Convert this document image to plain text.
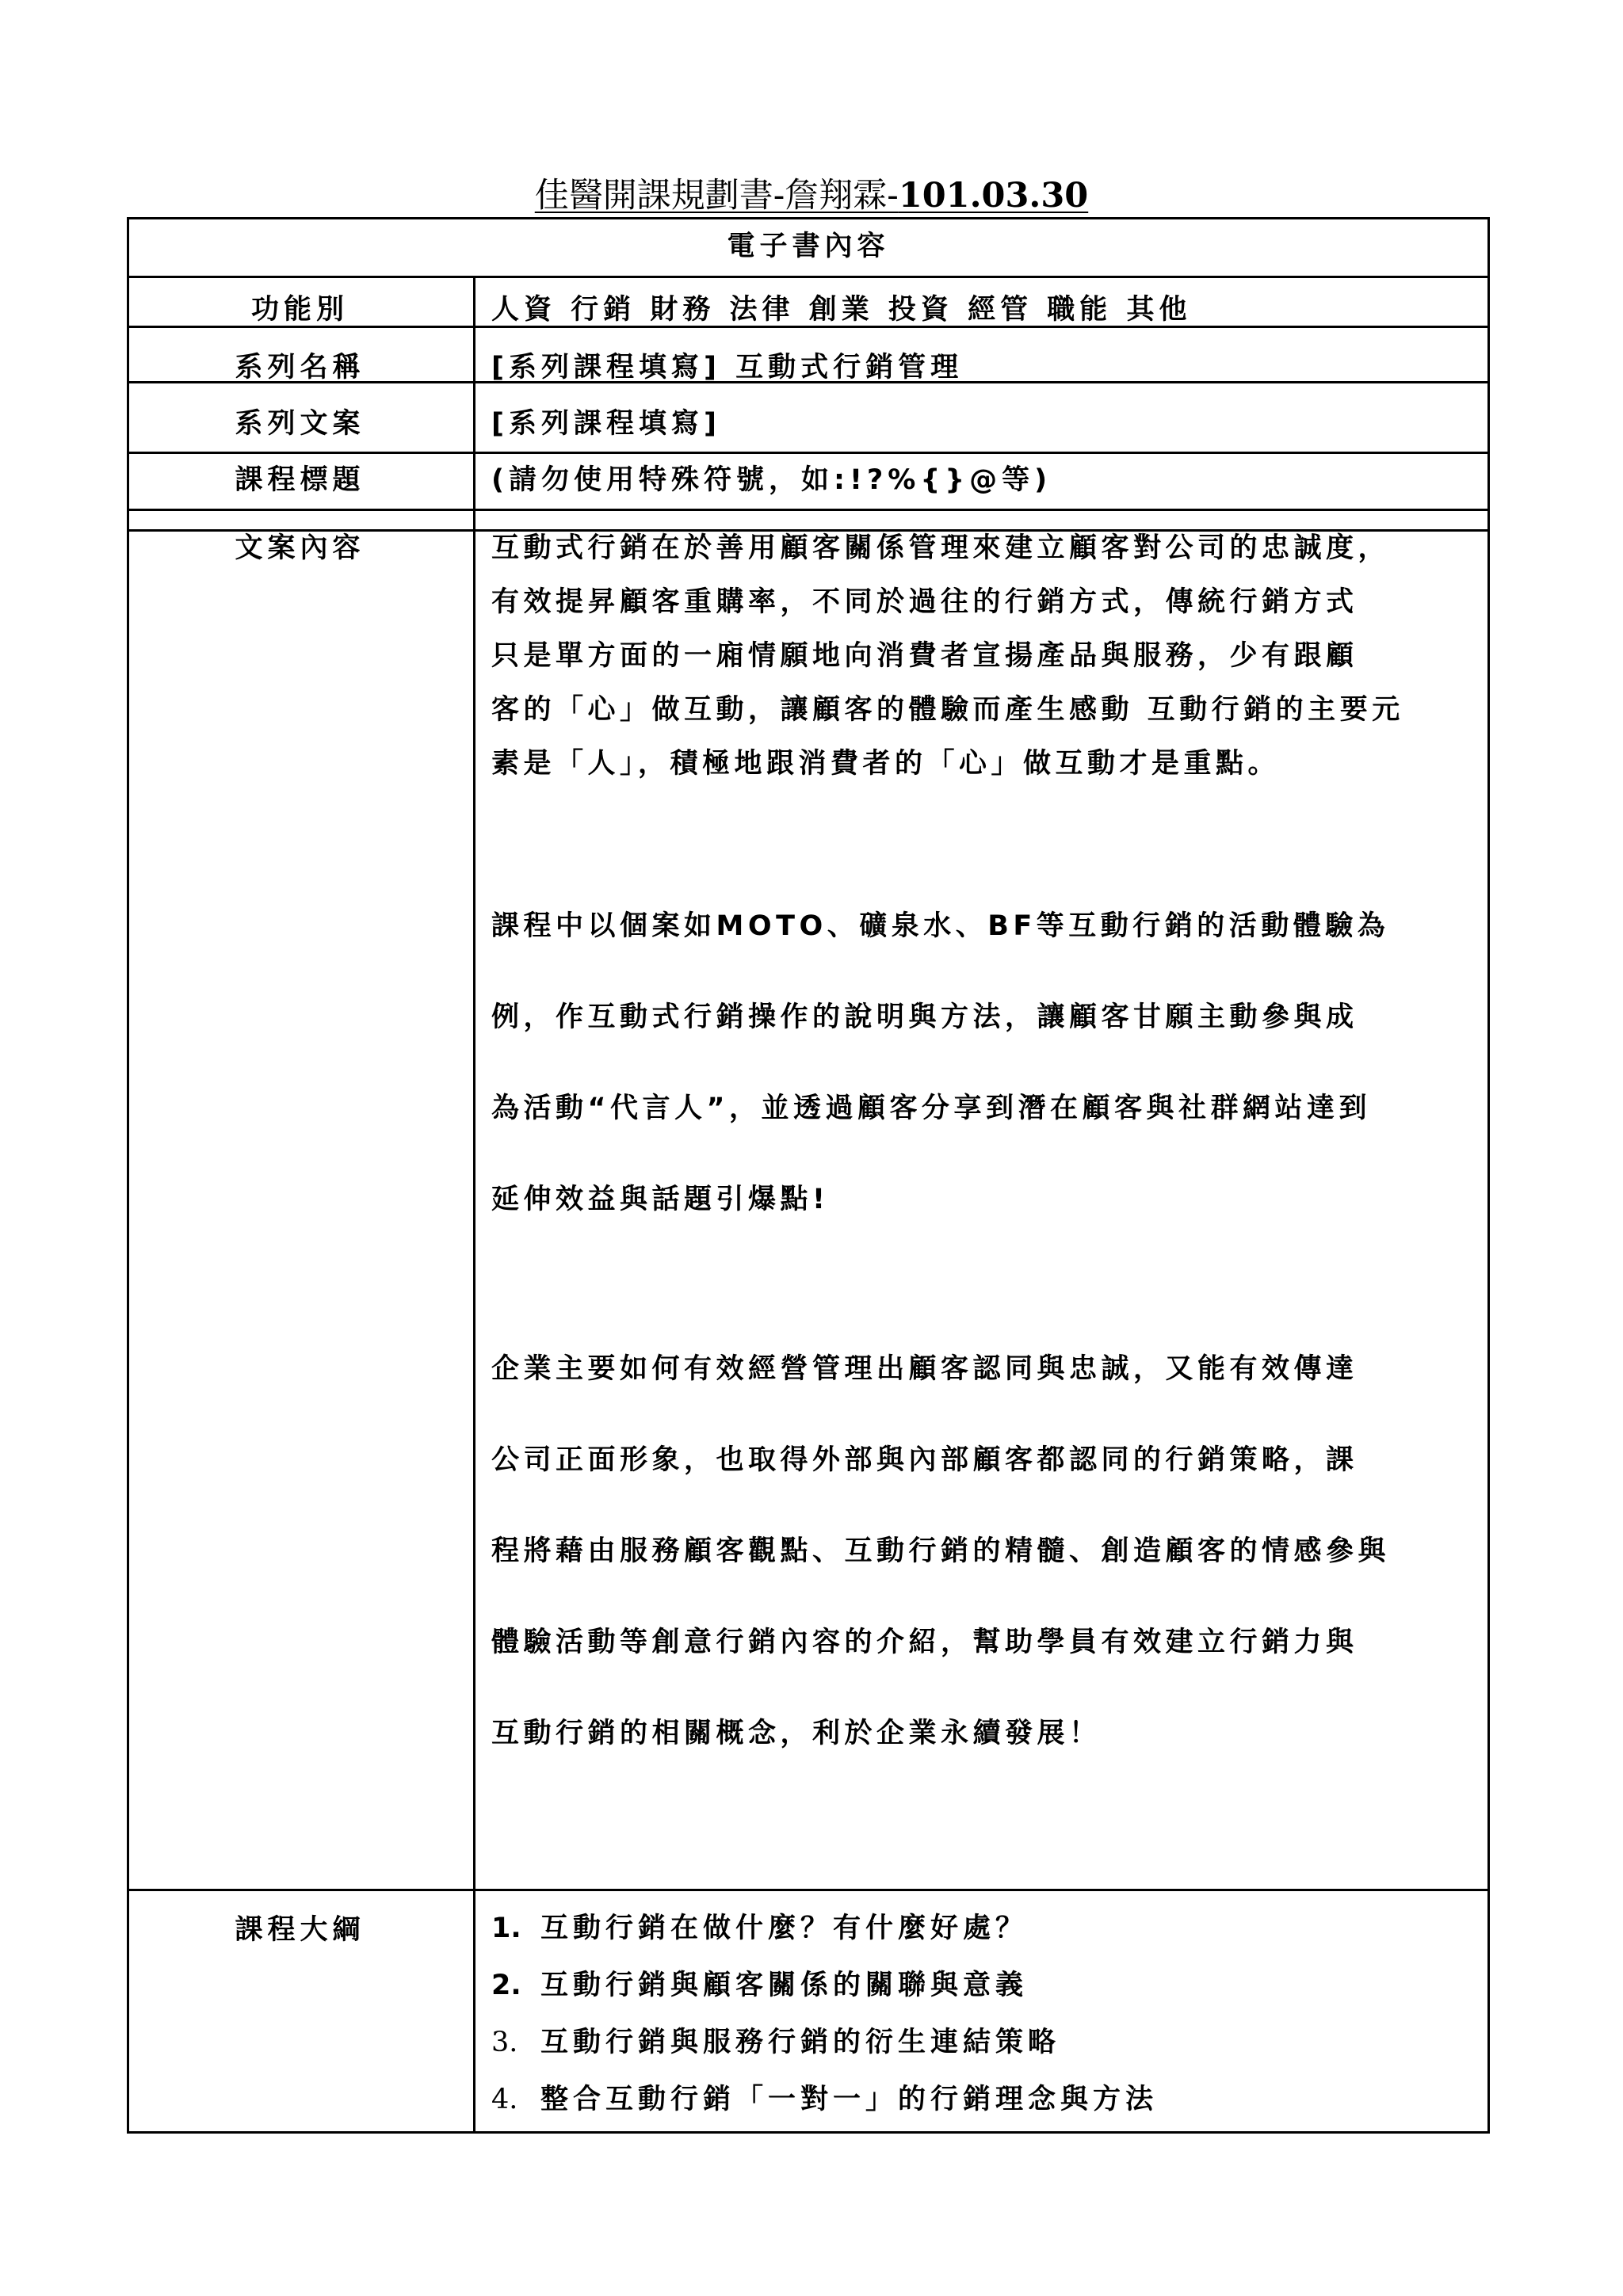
佳醫開課規劃書-詹翔霖-101.03.30
電子書內容
功能別	人資 行銷 財務 法律 創業 投資 經管 職能 其他
系列名稱	[系列課程填寫] 互動式行銷管理
系列文案	[系列課程填寫]
課程標題	(請勿使用特殊符號，如:!?%{}@等)
文案內容	互動式行銷在於善用顧客關係管理來建立顧客對公司的忠誠度，

有效提昇顧客重購率，不同於過往的行銷方式，傳統行銷方式

只是單方面的一廂情願地向消費者宣揚產品與服務，少有跟顧

客的「心」做互動，讓顧客的體驗而產生感動 互動行銷的主要元

素是「人」，積極地跟消費者的「心」做互動才是重點。

課程中以個案如MOTO、礦泉水、BF等互動行銷的活動體驗為

例，作互動式行銷操作的說明與方法，讓顧客甘願主動參與成

為活動“代言人”，並透過顧客分享到潛在顧客與社群網站達到

延伸效益與話題引爆點!

企業主要如何有效經營管理出顧客認同與忠誠，又能有效傳達

公司正面形象，也取得外部與內部顧客都認同的行銷策略，課

程將藉由服務顧客觀點、互動行銷的精髓、創造顧客的情感參與

體驗活動等創意行銷內容的介紹，幫助學員有效建立行銷力與

互動行銷的相關概念，利於企業永續發展！

課程大綱	1. 互動行銷在做什麼？有什麼好處？
2. 互動行銷與顧客關係的關聯與意義
3. 互動行銷與服務行銷的衍生連結策略
4. 整合互動行銷「一對一」的行銷理念與方法
